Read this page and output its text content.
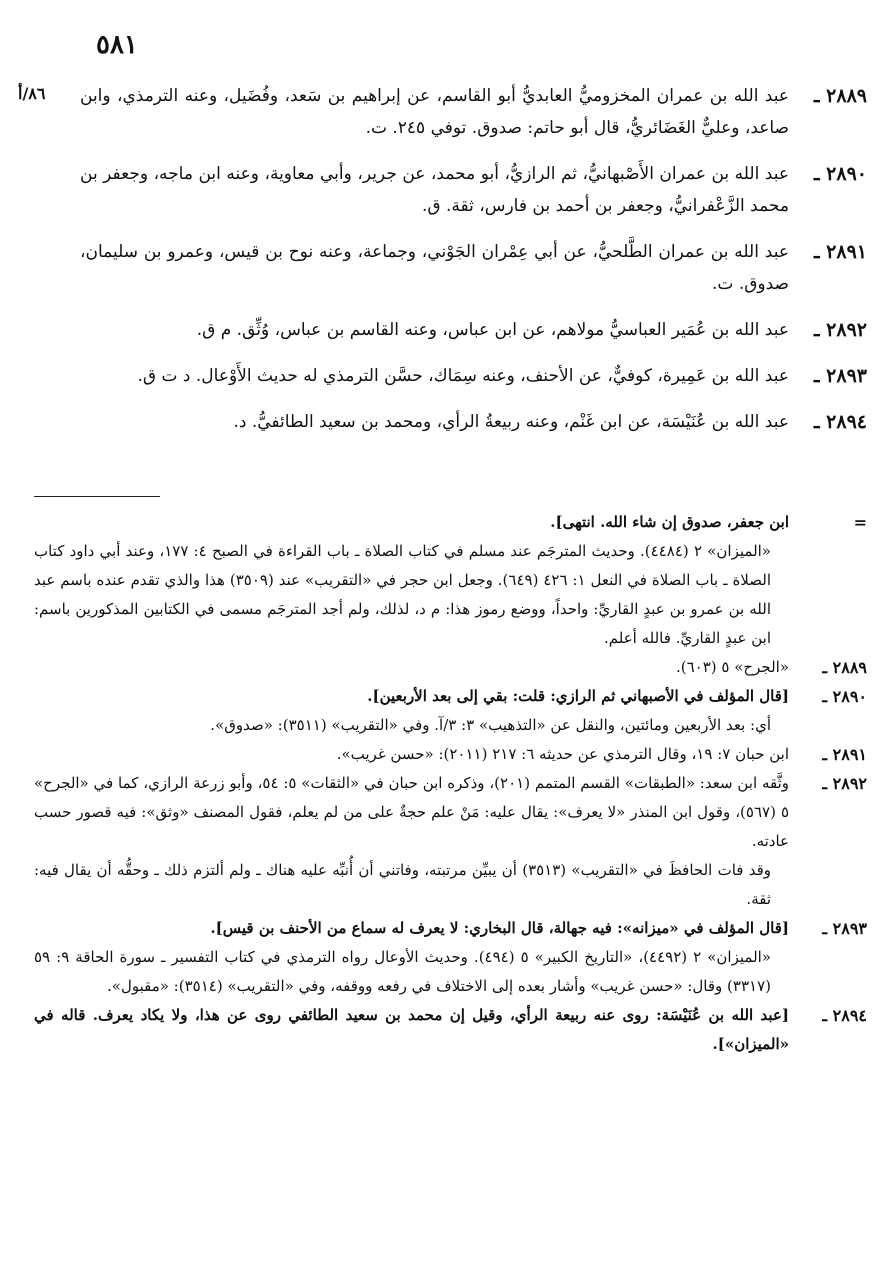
٥٨١
٨٦/أ	٢٨٨٩ ـ
عبد الله بن عمران المخزوميُّ العابديُّ أبو القاسم، عن إبراهيم بن سَعد، وفُضَيل، وعنه الترمذي، وابن صاعد، وعليٌّ الغَضَائريُّ، قال أبو حاتم: صدوق. توفي ٢٤٥. ت.
٢٨٩٠ ـ
عبد الله بن عمران الأَصْبهانيُّ، ثم الرازيُّ، أبو محمد، عن جرير، وأبي معاوية، وعنه ابن ماجه، وجعفر بن محمد الزَّعْفرانيُّ، وجعفر بن أحمد بن فارس، ثقة. ق.
٢٨٩١ ـ
عبد الله بن عمران الطَّلحيُّ، عن أبي عِمْران الجَوْني، وجماعة، وعنه نوح بن قيس، وعمرو بن سليمان، صدوق. ت.
٢٨٩٢ ـ
عبد الله بن عُمَير العباسيُّ مولاهم، عن ابن عباس، وعنه القاسم بن عباس، وُثِّق. م ق.
٢٨٩٣ ـ
عبد الله بن عَمِيرة، كوفيٌّ، عن الأحنف، وعنه سِمَاك، حسَّن الترمذي له حديث الأَوْعال. د ت ق.
٢٨٩٤ ـ
عبد الله بن عُنَيْسَة، عن ابن غَنْم، وعنه ربيعةُ الرأي، ومحمد بن سعيد الطائفيُّ. د.
=

ابن جعفر، صدوق إن شاء الله. انتهى].

«الميزان» ٢ (٤٤٨٤). وحديث المترجَم عند مسلم في كتاب الصلاة ـ باب القراءة في الصبح ٤: ١٧٧، وعند أبي داود كتاب الصلاة ـ باب الصلاة في النعل ١: ٤٢٦ (٦٤٩). وجعل ابن حجر في «التقريب» عند (٣٥٠٩) هذا والذي تقدم عنده باسم عبد الله بن عمرو بن عبدٍ القاريِّ: واحداً، ووضع رموز هذا: م د، لذلك، ولم أجد المترجَم مسمى في الكتابين المذكورين باسم: ابن عبدٍ القاريِّ. فالله أعلم.

٢٨٨٩ ـ

«الجرح» ٥ (٦٠٣).

٢٨٩٠ ـ

[قال المؤلف في الأصبهاني ثم الرازي: قلت: بقي إلى بعد الأربعين].

أي: بعد الأربعين ومائتين، والنقل عن «التذهيب» ٣: ٣/آ. وفي «التقريب» (٣٥١١): «صدوق».

٢٨٩١ ـ

ابن حبان ٧: ١٩، وقال الترمذي عن حديثه ٦: ٢١٧ (٢٠١١): «حسن غريب».

٢٨٩٢ ـ

وثَّقه ابن سعد: «الطبقات» القسم المتمم (٢٠١)، وذكره ابن حبان في «الثقات» ٥: ٥٤، وأبو زرعة الرازي، كما في «الجرح» ٥ (٥٦٧)، وقول ابن المنذر «لا يعرف»: يقال عليه: مَنْ علم حجةٌ على من لم يعلم، فقول المصنف «وثق»: فيه قصور حسب عادته.

وقد فات الحافظَ في «التقريب» (٣٥١٣) أن يبيِّن مرتبته، وفاتني أن أُنبِّه عليه هناك ـ ولم ألتزم ذلك ـ وحقُّه أن يقال فيه: ثقة.

٢٨٩٣ ـ

[قال المؤلف في «ميزانه»: فيه جهالة، قال البخاري: لا يعرف له سماع من الأحنف بن قيس].

«الميزان» ٢ (٤٤٩٢)، «التاريخ الكبير» ٥ (٤٩٤). وحديث الأوعال رواه الترمذي في كتاب التفسير ـ سورة الحاقة ٩: ٥٩ (٣٣١٧) وقال: «حسن غريب» وأشار بعده إلى الاختلاف في رفعه ووقفه، وفي «التقريب» (٣٥١٤): «مقبول».

٢٨٩٤ ـ

[عبد الله بن عُنَيْسَة: روى عنه ربيعة الرأي، وقيل إن محمد بن سعيد الطائفي روى عن هذا، ولا يكاد يعرف. قاله في «الميزان»].
